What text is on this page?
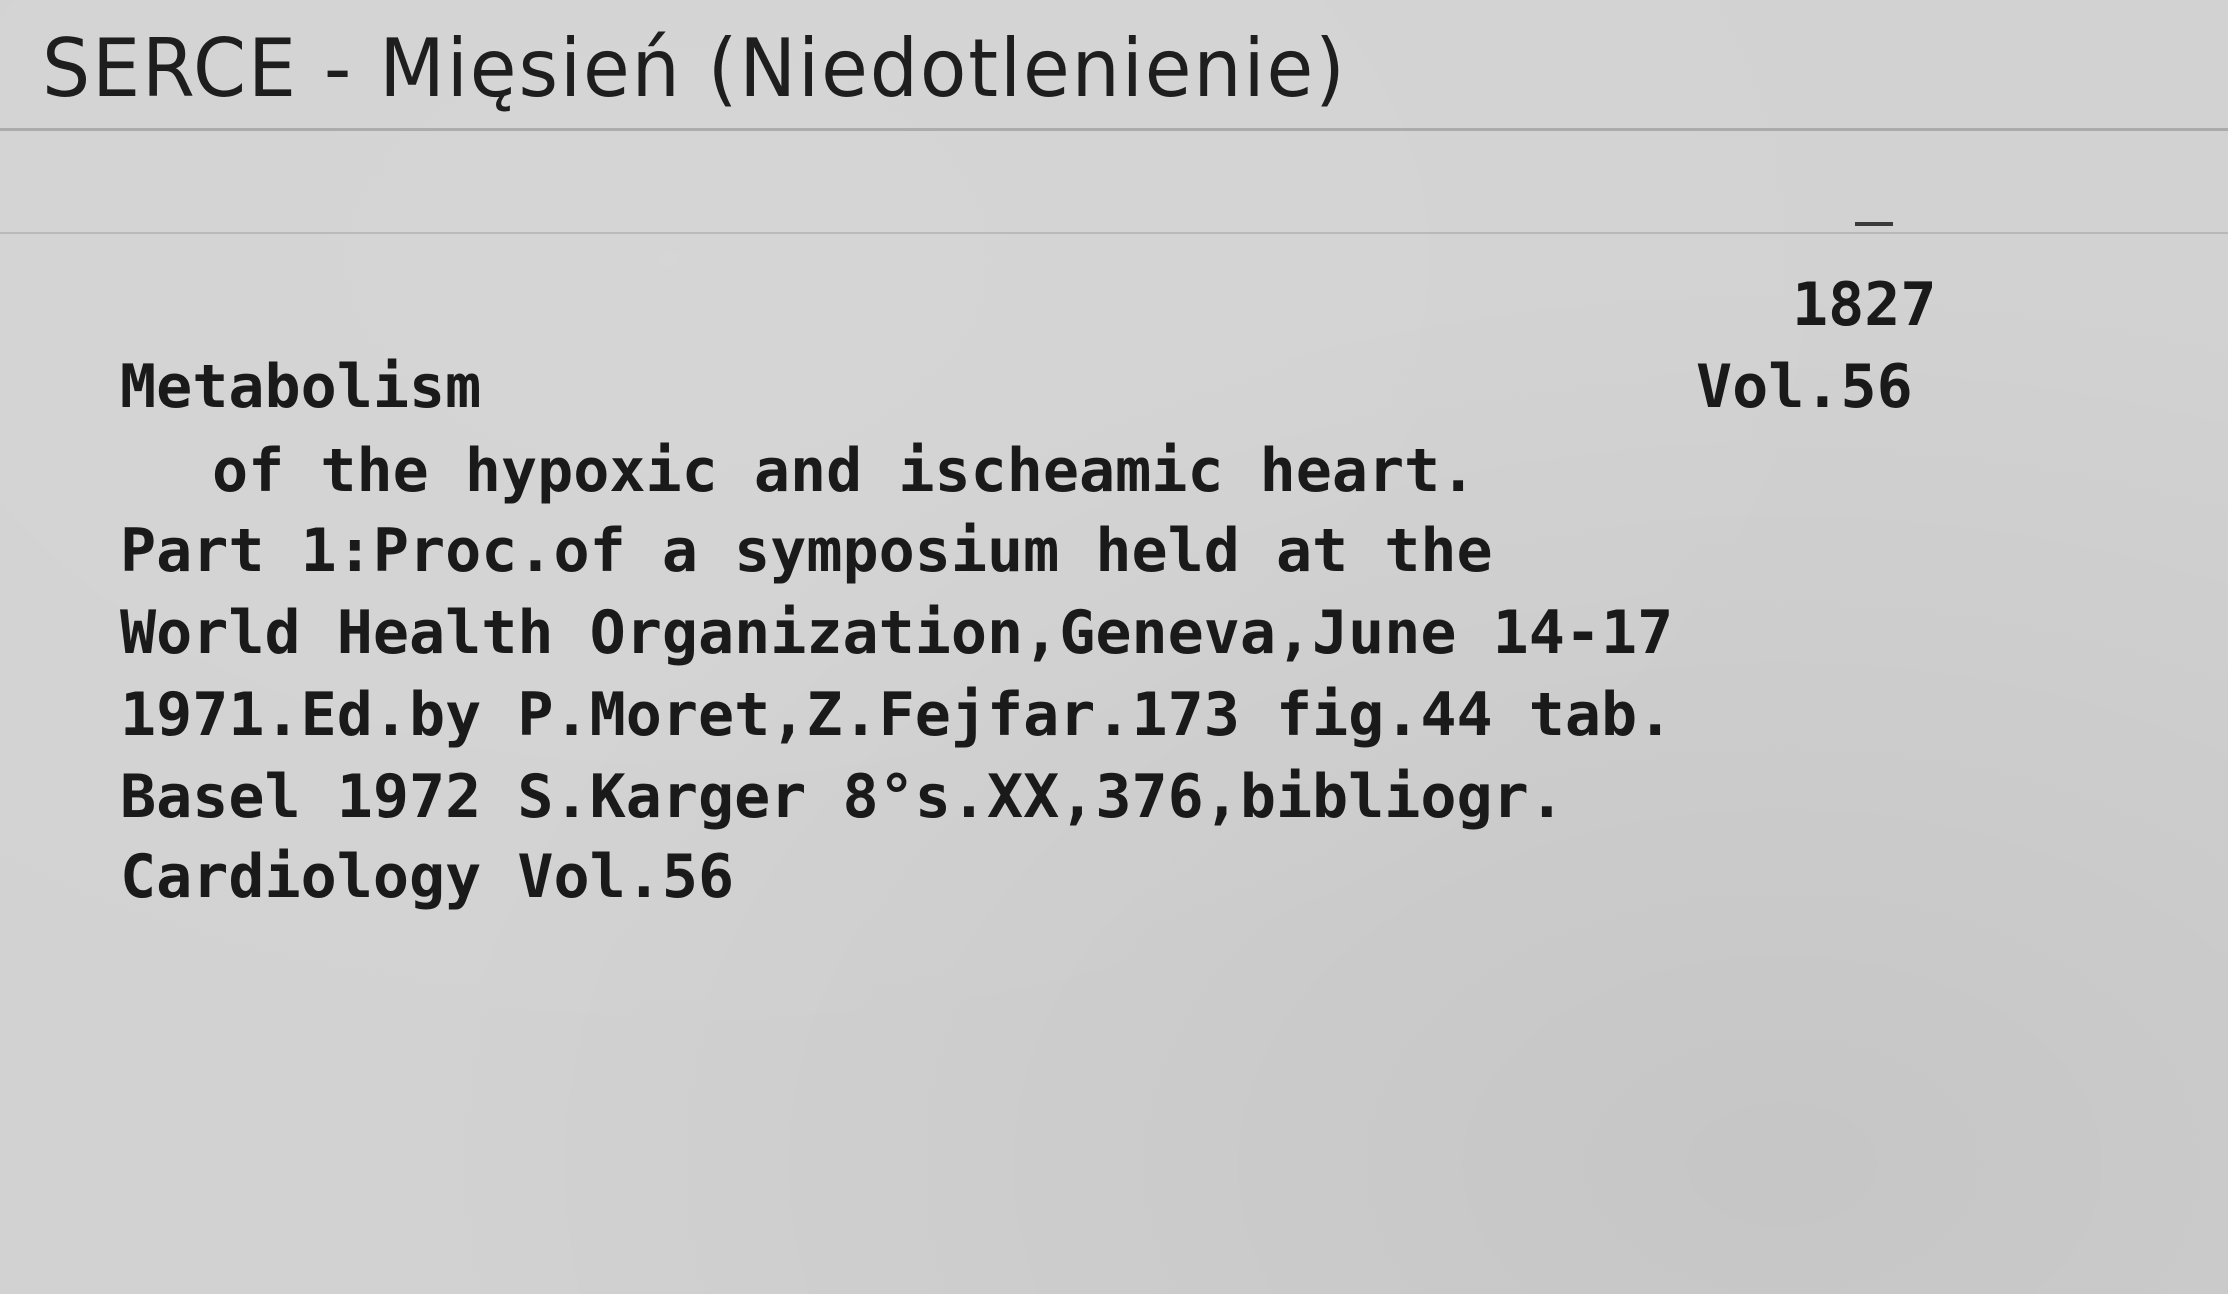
SERCE - Mięsień (Niedotlenienie)
1827
Metabolism	Vol.56
of the hypoxic and ischeamic heart.
Part 1:Proc.of a symposium held at the
World Health Organization,Geneva,June 14-17
1971.Ed.by P.Moret,Z.Fejfar.173 fig.44 tab.
Basel 1972 S.Karger 8°s.XX,376,bibliogr.
Cardiology Vol.56
